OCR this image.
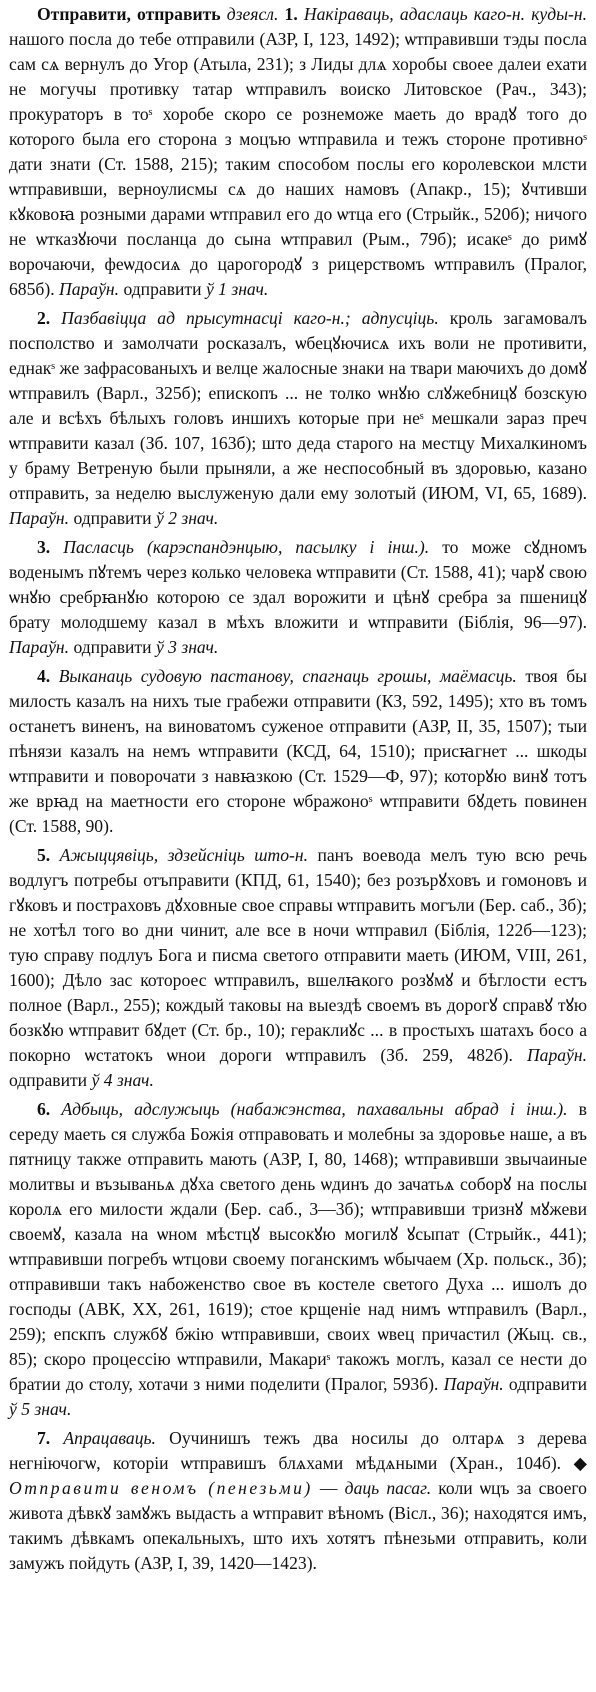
Отправити, отправить дзеясл. 1. Накіраваць, адаслаць каго-н. куды-н. нашого посла до тебе отправили (АЗР, I, 123, 1492); ѡтправивши тэды посла сам сѧ вернулъ до Угор (Атыла, 231); з Лиды длѧ хоробы своее далеи ехати не могучы противку татар ѡтправилъ воиско Литовское (Рач., 343); прокураторъ в тоˢ хоробе скоро се рознеможе маеть до врадꙋ того до которого была его сторона з моцъю ѡтправила и тежъ стороне противноˢ дати знати (Ст. 1588, 215); таким способом послы его королевскои млсти ѡтправивши, верноулисмы сѧ до наших намовъ (Апакр., 15); ꙋчтивши кꙋковоꙗ розными дарами ѡтправил его до ѡтца его (Стрыйк., 520б); ничого не ѡтказꙋючи посланца до сына ѡтправил (Рым., 79б); исакеˢ до римꙋ ворочаючи, феѡдосиѧ до царогородꙋ з рицерствомъ ѡтправилъ (Пралог, 685б). Параўн. одправити ў 1 знач.

2. Пазбавіцца ад прысутнасці каго-н.; адпусціць. кроль загамовалъ посполство и замолчати росказалъ, ѡбецꙋючисѧ ихъ воли не противити, еднакˢ же зафрасованыхъ и велце жалосные знаки на твари маючихъ до домꙋ ѡтправилъ (Варл., 325б); епископъ ... не толко ѡнꙋю слꙋжебницꙋ бозскую але и всѣхъ бѣлыхъ головъ иншихъ которые при неˢ мешкали зараз преч ѡтправити казал (Зб. 107, 163б); што деда старого на местцу Михалкиномъ у браму Ветреную были прыняли, а же неспособный въ здоровью, казано отправить, за неделю выслуженую дали ему золотый (ИЮМ, VI, 65, 1689). Параўн. одправити ў 2 знач.

3. Пасласць (карэспандэнцыю, пасылку і інш.). то може сꙋдномъ воденымъ пꙋтемъ через колько человека ѡтправити (Ст. 1588, 41); чарꙋ свою ѡнꙋю сребрꙗнꙋю которою се здал ворожити и цѣнꙋ сребра за пшеницꙋ брату молодшему казал в мѣхъ вложити и ѡтправити (Біблія, 96—97). Параўн. одправити ў 3 знач.

4. Выканаць судовую пастанову, спагнаць грошы, маёмасць. твоя бы милость казалъ на нихъ тые грабежи отправити (КЗ, 592, 1495); хто въ томъ останетъ виненъ, на виноватомъ суженое отправити (АЗР, II, 35, 1507); тыи пѣнязи казалъ на немъ ѡтправити (КСД, 64, 1510); присꙗгнет ... шкоды ѡтправити и поворочати з навꙗзкою (Ст. 1529—Ф, 97); которꙋю винꙋ тотъ же врꙗд на маетности его стороне ѡбражоноˢ ѡтправити бꙋдеть повинен (Ст. 1588, 90).

5. Ажыццявіць, здзейсніць што-н. панъ воевода мелъ тую всю речь водлугъ потребы отъправити (КПД, 61, 1540); без розърꙋховъ и гомоновъ и гꙋковъ и постраховъ дꙋховные свое справы ѡтправить могъли (Бер. саб., 3б); не хотѣл того во дни чинит, але все в ночи ѡтправил (Біблія, 122б—123); тую справу подлуъ Бога и писма светого отправити маеть (ИЮМ, VIII, 261, 1600); Дѣло зас котороес ѡтправилъ, вшелꙗкого розꙋмꙋ и бѣглости естъ полное (Варл., 255); кождый таковы на выездѣ своемъ въ дорогꙋ справꙋ тꙋю бозкꙋю ѡтправит бꙋдет (Ст. бр., 10); гераклиꙋс ... в простыхъ шатахъ босо а покорно ѡстатокъ ѡнои дороги ѡтправилъ (Зб. 259, 482б). Параўн. одправити ў 4 знач.

6. Адбыць, адслужыць (набажэнства, пахавальны абрад і інш.). в середу маеть ся служба Божія отправовать и молебны за здоровье наше, а въ пятницу также отправить мають (АЗР, I, 80, 1468); ѡтправивши звычаиные молитвы и възываньѧ дꙋха светого день ѡдинъ до зачатьѧ соборꙋ на послы королѧ его милости ждали (Бер. саб., 3—3б); ѡтправивши тризнꙋ мꙋжеви своемꙋ, казала на ѡном мѣстцꙋ высокꙋю могилꙋ ꙋсыпат (Стрыйк., 441); ѡтправивши погребъ ѡтцови своему поганскимъ ѡбычаем (Хр. польск., 3б); отправивши такъ набоженство свое въ костеле светого Духа ... ишолъ до господы (АВК, XX, 261, 1619); стое крщеніе над нимъ ѡтправилъ (Варл., 259); епскпъ службꙋ бжію ѡтправивши, своих ѡвец причастил (Жыц. св., 85); скоро процессію ѡтправили, Макариˢ такожъ моглъ, казал се нести до братии до столу, хотачи з ними поделити (Пралог, 593б). Параўн. одправити ў 5 знач.

7. Апрацаваць. Оучинишъ тежъ два носилы до олтарѧ з дерева негніючогѡ, которіи ѡтправишъ блѧхами мѣдѧными (Хран., 104б). ◆ Отправити веномъ (пенезьми) — даць пасаг. коли ѡцъ за своего живота дѣвкꙋ замꙋжъ выдасть а ѡтправит вѣномъ (Вісл., 36); находятся имъ, такимъ дѣвкамъ опекальныхъ, што ихъ хотятъ пѣнезьми отправить, коли замужъ пойдуть (АЗР, I, 39, 1420—1423).
